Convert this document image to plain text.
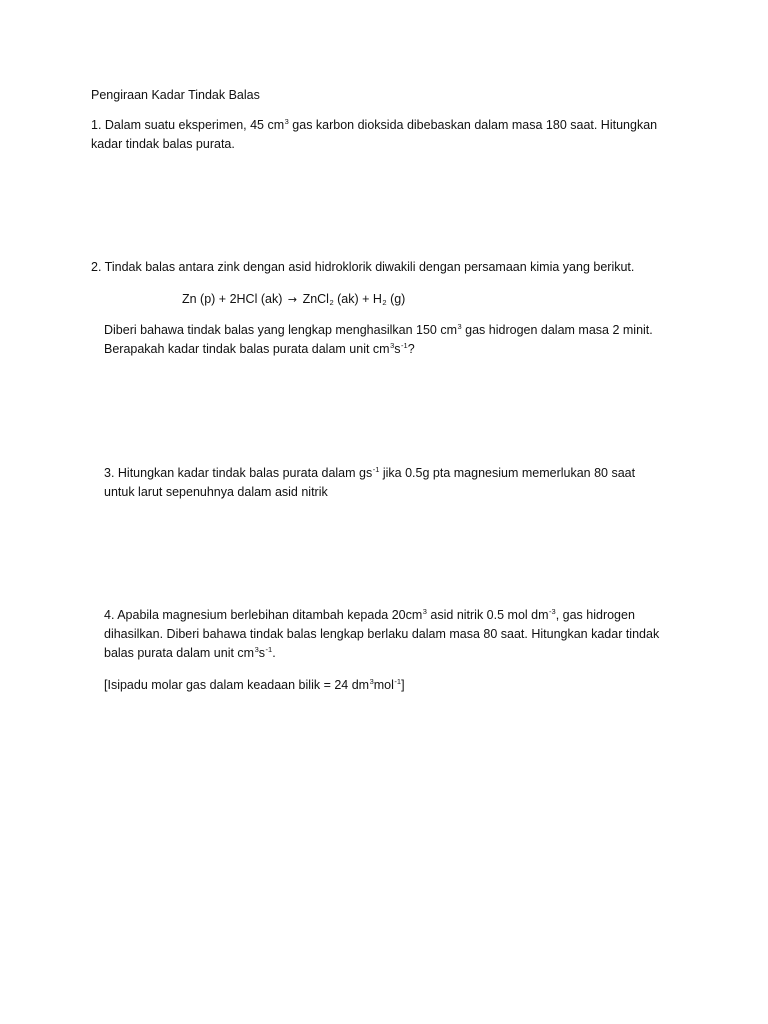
Pengiraan Kadar Tindak Balas
1. Dalam suatu eksperimen, 45 $cm^3$ gas karbon dioksida dibebaskan dalam masa 180 saat. Hitungkan
kadar tindak balas purata.
2. Tindak balas antara zink dengan asid hidroklorik diwakili dengan persamaan kimia yang berikut.
Zn (p) + 2HCl (ak) → ZnCl$_2$ $(ak) + H_2$ (g)
Diberi bahawa tindak balas yang lengkap menghasilkan 150 $cm^3$ gas hidrogen dalam masa 2 minit.
Berapakah kadar tindak balas purata dalam unit $cm^3s^{-1}$?
3. Hitungkan kadar tindak balas purata dalam $gs^{-1}$ jika 0.5g pta magnesium memerlukan 80 saat
untuk larut sepenuhnya dalam asid nitrik
4. Apabila magnesium berlebihan ditambah kepada $20cm^3$ asid nitrik 0.5 mol $dm^{-3}$, gas hidrogen
dihasilkan. Diberi bahawa tindak balas lengkap berlaku dalam masa 80 saat. Hitungkan kadar tindak
balas purata dalam unit $cm^3s^{-1}$.
[Isipadu molar gas dalam keadaan bilik = 24 $dm^3mol^{-1}$]
